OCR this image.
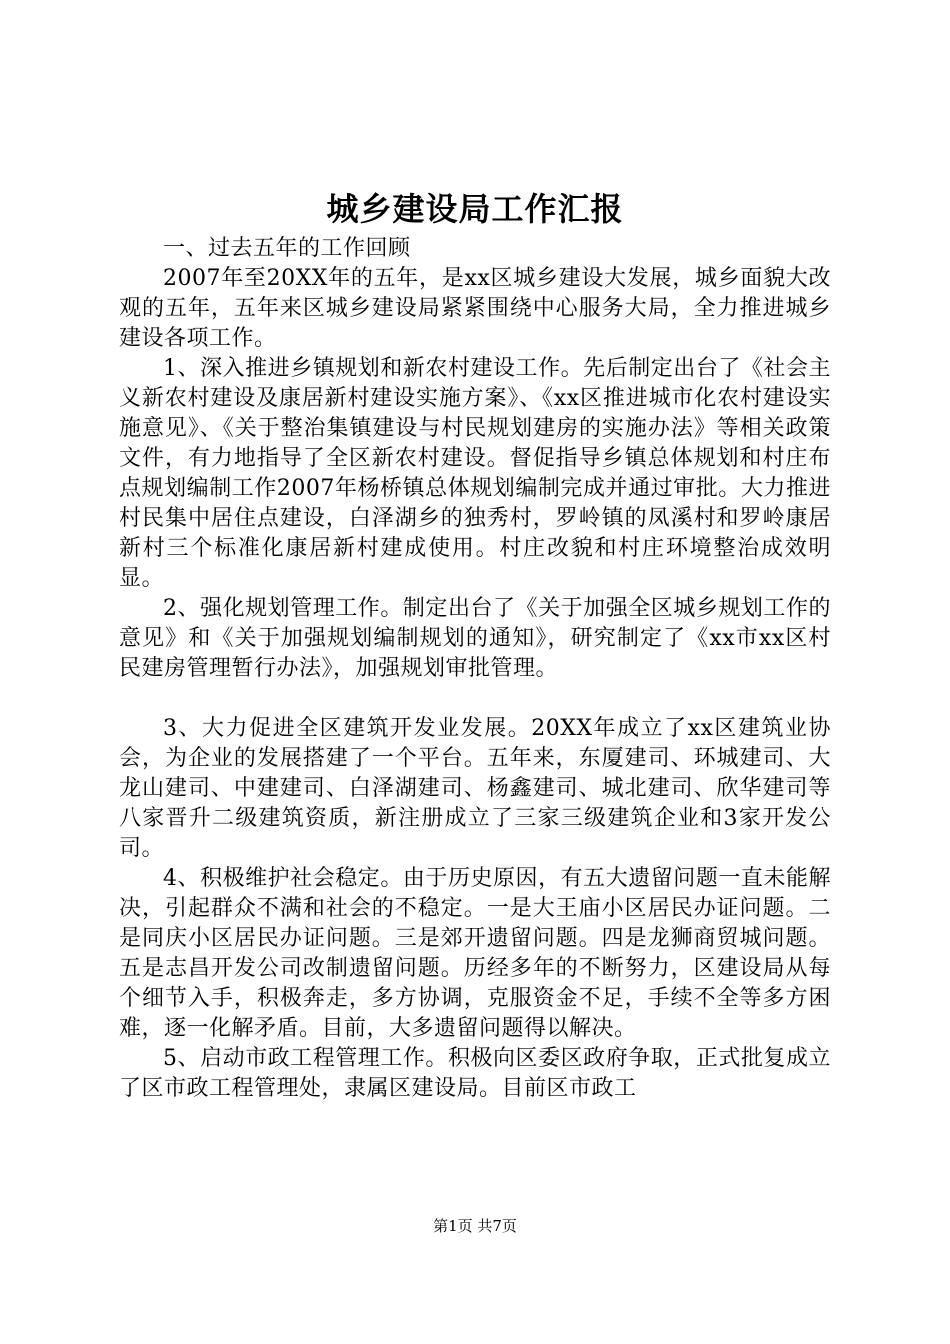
城乡建设局工作汇报

一、过去五年的工作回顾

2007年至20XX年的五年，是xx区城乡建设大发展，城乡面貌大改观的五年，五年来区城乡建设局紧紧围绕中心服务大局，全力推进城乡建设各项工作。

1、深入推进乡镇规划和新农村建设工作。先后制定出台了《社会主义新农村建设及康居新村建设实施方案》、《xx区推进城市化农村建设实施意见》、《关于整治集镇建设与村民规划建房的实施办法》等相关政策文件，有力地指导了全区新农村建设。督促指导乡镇总体规划和村庄布点规划编制工作2007年杨桥镇总体规划编制完成并通过审批。大力推进村民集中居住点建设，白泽湖乡的独秀村，罗岭镇的凤溪村和罗岭康居新村三个标准化康居新村建成使用。村庄改貌和村庄环境整治成效明显。

2、强化规划管理工作。制定出台了《关于加强全区城乡规划工作的意见》和《关于加强规划编制规划的通知》，研究制定了《xx市xx区村民建房管理暂行办法》，加强规划审批管理。

3、大力促进全区建筑开发业发展。20XX年成立了xx区建筑业协会，为企业的发展搭建了一个平台。五年来，东厦建司、环城建司、大龙山建司、中建建司、白泽湖建司、杨鑫建司、城北建司、欣华建司等八家晋升二级建筑资质，新注册成立了三家三级建筑企业和3家开发公司。

4、积极维护社会稳定。由于历史原因，有五大遗留问题一直未能解决，引起群众不满和社会的不稳定。一是大王庙小区居民办证问题。二是同庆小区居民办证问题。三是郊开遗留问题。四是龙狮商贸城问题。五是志昌开发公司改制遗留问题。历经多年的不断努力，区建设局从每个细节入手，积极奔走，多方协调，克服资金不足，手续不全等多方困难，逐一化解矛盾。目前，大多遗留问题得以解决。

5、启动市政工程管理工作。积极向区委区政府争取，正式批复成立了区市政工程管理处，隶属区建设局。目前区市政工

第1页 共7页
